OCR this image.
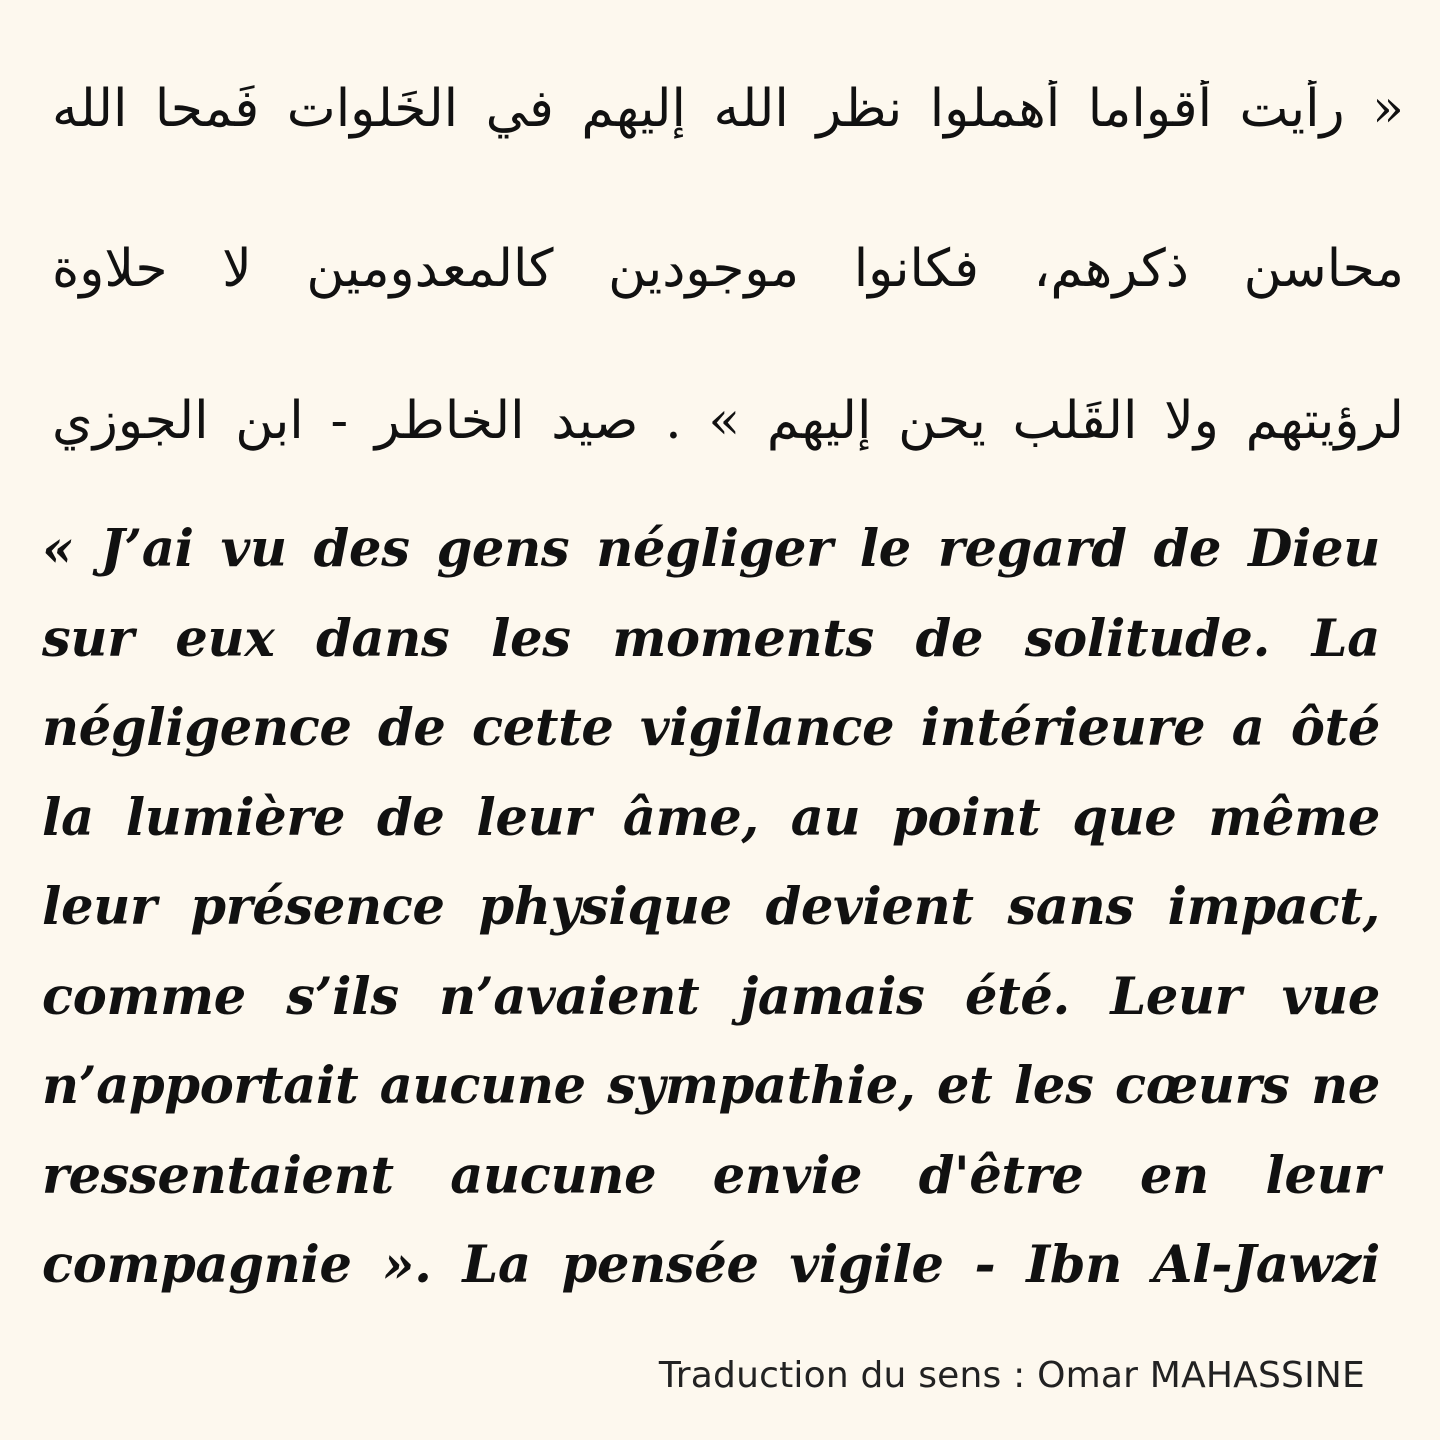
« رأيت أقواما أهملوا نظر الله إليهم في الخَلوات فَمحا الله
محاسن ذكرهم، فكانوا موجودين كالمعدومين لا حلاوة
لرؤيتهم ولا القَلب يحن إليهم » . صيد الخاطر - ابن الجوزي
« J’ai vu des gens négliger le regard de Dieu sur eux dans les moments de solitude. La négligence de cette vigilance intérieure a ôté la lumière de leur âme, au point que même leur présence physique devient sans impact, comme s’ils n’avaient jamais été. Leur vue n’apportait aucune sympathie, et les cœurs ne ressentaient aucune envie d'être en leur compagnie ». La pensée vigile - Ibn Al-Jawzi
Traduction du sens : Omar MAHASSINE
